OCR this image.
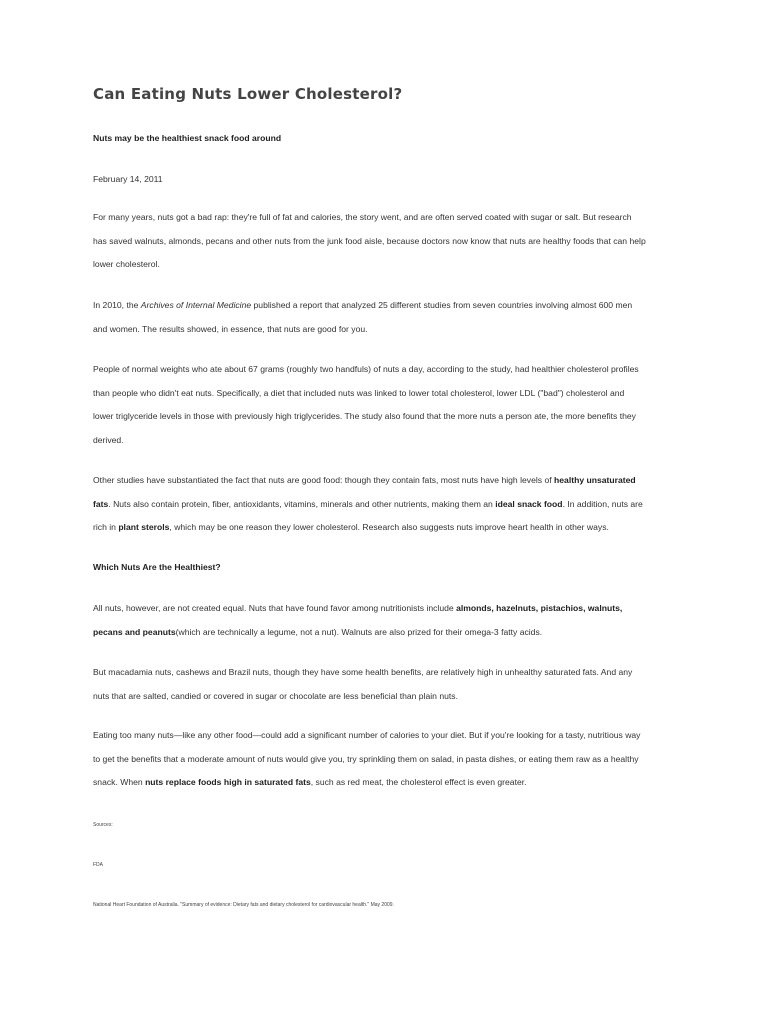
Can Eating Nuts Lower Cholesterol?

Nuts may be the healthiest snack food around

February 14, 2011

For many years, nuts got a bad rap: they're full of fat and calories, the story went, and are often served coated with sugar or salt. But research
has saved walnuts, almonds, pecans and other nuts from the junk food aisle, because doctors now know that nuts are healthy foods that can help
lower cholesterol.

In 2010, the Archives of Internal Medicine published a report that analyzed 25 different studies from seven countries involving almost 600 men
and women. The results showed, in essence, that nuts are good for you.

People of normal weights who ate about 67 grams (roughly two handfuls) of nuts a day, according to the study, had healthier cholesterol profiles
than people who didn't eat nuts. Specifically, a diet that included nuts was linked to lower total cholesterol, lower LDL ("bad") cholesterol and
lower triglyceride levels in those with previously high triglycerides. The study also found that the more nuts a person ate, the more benefits they
derived.

Other studies have substantiated the fact that nuts are good food: though they contain fats, most nuts have high levels of healthy unsaturated
fats. Nuts also contain protein, fiber, antioxidants, vitamins, minerals and other nutrients, making them an ideal snack food. In addition, nuts are
rich in plant sterols, which may be one reason they lower cholesterol. Research also suggests nuts improve heart health in other ways.

Which Nuts Are the Healthiest?

All nuts, however, are not created equal. Nuts that have found favor among nutritionists include almonds, hazelnuts, pistachios, walnuts,
pecans and peanuts(which are technically a legume, not a nut). Walnuts are also prized for their omega-3 fatty acids.

But macadamia nuts, cashews and Brazil nuts, though they have some health benefits, are relatively high in unhealthy saturated fats. And any
nuts that are salted, candied or covered in sugar or chocolate are less beneficial than plain nuts.

Eating too many nuts—like any other food—could add a significant number of calories to your diet. But if you're looking for a tasty, nutritious way
to get the benefits that a moderate amount of nuts would give you, try sprinkling them on salad, in pasta dishes, or eating them raw as a healthy
snack. When nuts replace foods high in saturated fats, such as red meat, the cholesterol effect is even greater.

Sources:

FDA

National Heart Foundation of Australia. "Summary of evidence: Dietary fats and dietary cholesterol for cardiovascular health." May 2009.
